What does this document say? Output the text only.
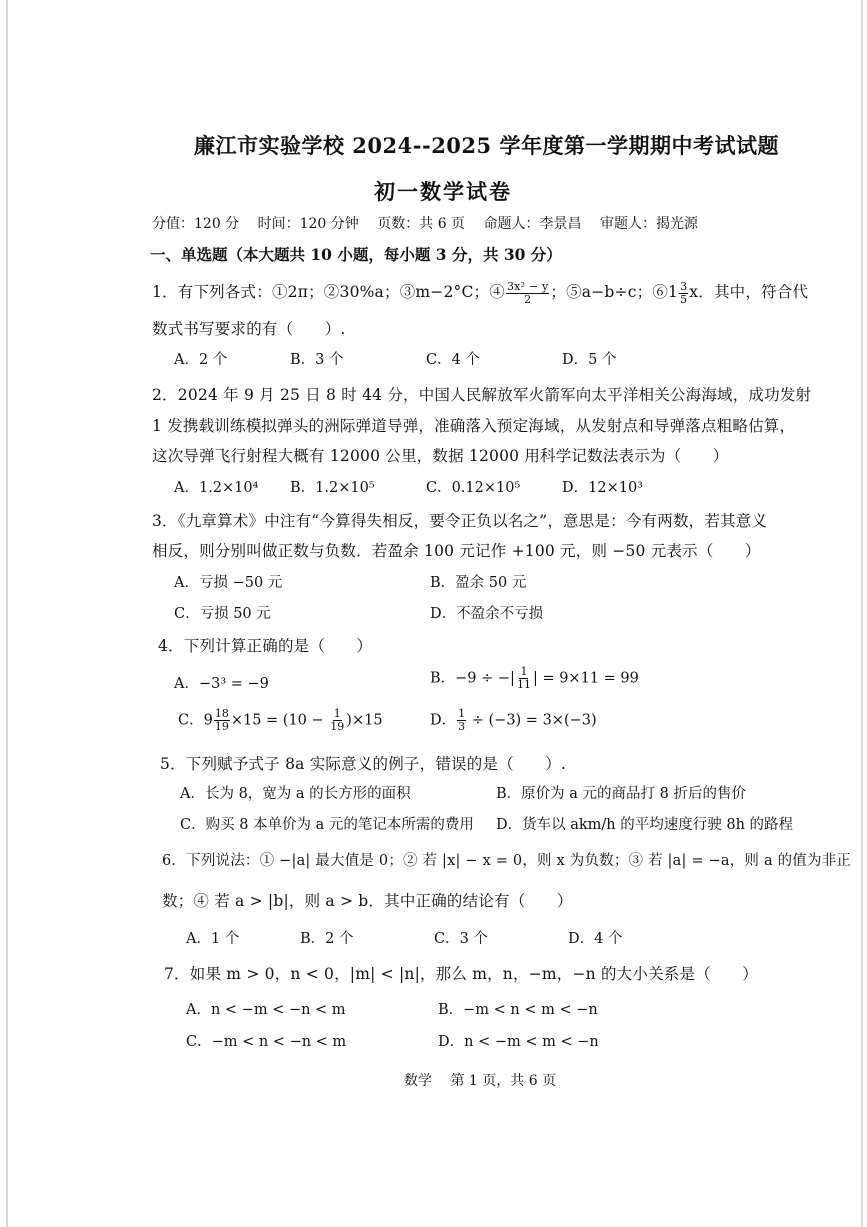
廉江市实验学校 2024--2025 学年度第一学期期中考试试题
初一数学试卷
分值：120 分　 时间：120 分钟　 页数：共 6 页　 命题人：李景昌　 审题人：揭光源
一、单选题（本大题共 10 小题，每小题 3 分，共 30 分）
1．有下列各式：①2π；②30%a；③m−2°C；④ $\frac{\text{3x² − y}}{2}$ ；⑤a−b÷c；⑥1 $\frac{3}{5}$ x．其中，符合代
数式书写要求的有（　　）.
A．2 个	B．3 个	C．4 个	D．5 个
2．2024 年 9 月 25 日 8 时 44 分，中国人民解放军火箭军向太平洋相关公海海域，成功发射
1 发携载训练模拟弹头的洲际弹道导弹，准确落入预定海域，从发射点和导弹落点粗略估算，
这次导弹飞行射程大概有 12000 公里，数据 12000 用科学记数法表示为（　　）
A．1.2×10⁴ B．1.2×10⁵	C．0.12×10⁵	D．12×10³
3．《九章算术》中注有“今算得失相反，要令正负以名之”，意思是：今有两数，若其意义
相反，则分别叫做正数与负数．若盈余 100 元记作 +100 元，则 −50 元表示（　　）
A．亏损 −50 元	B．盈余 50 元
C．亏损 50 元	D．不盈余不亏损
4．下列计算正确的是（　　）
A．−3³ = −9	B．−9 ÷ −| $\frac{1}{11}$ | = 9×11 = 99
C．$9 \frac{18}{19} \times 15 = (10 - \frac{1}{19} )\times 15$	D． $\frac{1}{3} \div (-3) = 3\times(-3)$
5．下列赋予式子 8a 实际意义的例子，错误的是（　　）.
A．长为 8，宽为 a 的长方形的面积	B．原价为 a 元的商品打 8 折后的售价
C．购买 8 本单价为 a 元的笔记本所需的费用 D．货车以 akm/h 的平均速度行驶 8h 的路程
6．下列说法：① −|a| 最大值是 0；② 若 |x| − x = 0，则 x 为负数；③ 若 |a| = −a，则 a 的值为非正
数；④ 若 a > |b|，则 a > b．其中正确的结论有（　　）
A．1 个	B．2 个	C．3 个	D．4 个
7．如果 m > 0，n < 0，|m| < |n|，那么 m，n，−m，−n 的大小关系是（　　）
A．n < −m < −n < m	B．−m < n < m < −n
C．−m < n < −n < m	D．n < −m < m < −n
数学　 第 1 页，共 6 页
